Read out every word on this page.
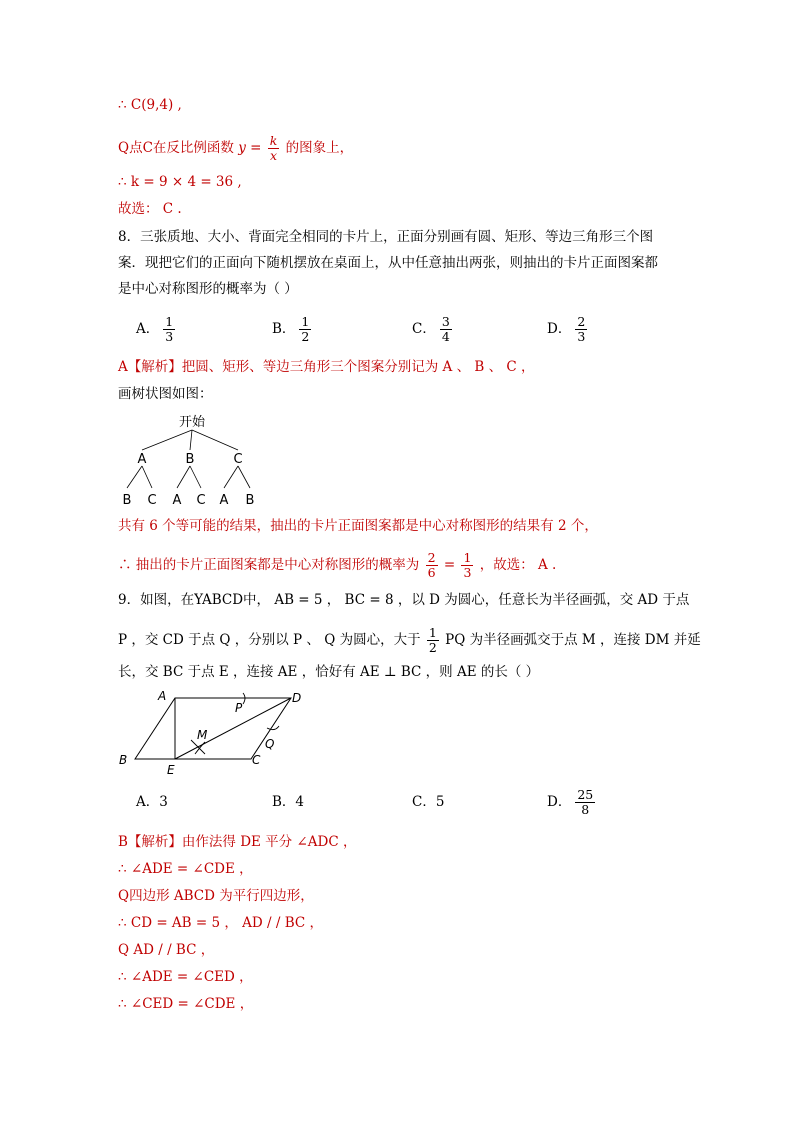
∴ C(9,4) ,
Q点C在反比例函数 $y = \frac{k}{x}$ 的图象上，
∴ k = 9 × 4 = 36 ,
故选： C .
8．三张质地、大小、背面完全相同的卡片上，正面分别画有圆、矩形、等边三角形三个图
案．现把它们的正面向下随机摆放在桌面上，从中任意抽出两张，则抽出的卡片正面图案都
是中心对称图形的概率为（ ）
A． $\frac{1}{3}$	B． $\frac{1}{2}$	C． $\frac{3}{4}$	D． $\frac{2}{3}$
A【解析】把圆、矩形、等边三角形三个图案分别记为 A 、 B 、 C ，
画树状图如图：
开始
A	B	C
B C A C A B
共有 6 个等可能的结果，抽出的卡片正面图案都是中心对称图形的结果有 2 个，
∴ 抽出的卡片正面图案都是中心对称图形的概率为 $\frac{2}{6} = \frac{1}{3}$ ，故选： A .
9．如图，在YABCD中， AB = 5 ， BC = 8 ，以 D 为圆心，任意长为半径画弧，交 AD 于点
P ，交 CD 于点 Q ，分别以 P 、 Q 为圆心，大于 $\frac{1}{2}$ PQ 为半径画弧交于点 M ，连接 DM 并延
长，交 BC 于点 E ，连接 AE ，恰好有 AE ⊥ BC ，则 AE 的长（ ）
A
B	C
D
E
M
P
Q
A．3	B．4	C．5	D． $\frac{25}{8}$
B【解析】由作法得 DE 平分 ∠ADC ，
∴ ∠ADE = ∠CDE ，
Q四边形 ABCD 为平行四边形，
∴ CD = AB = 5 ， AD / / BC ，
Q AD / / BC ，
∴ ∠ADE = ∠CED ，
∴ ∠CED = ∠CDE ，
